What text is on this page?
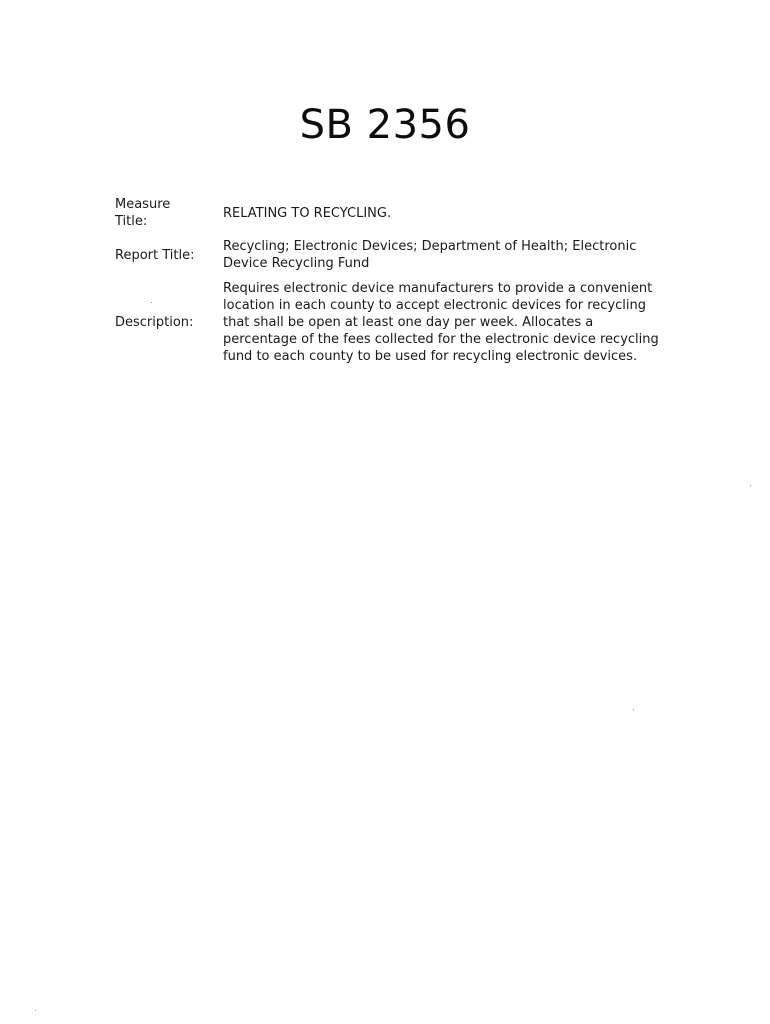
SB 2356
Measure
Title:
RELATING TO RECYCLING.
Report Title:
Recycling; Electronic Devices; Department of Health; Electronic Device Recycling Fund
Description:
Requires electronic device manufacturers to provide a convenient location in each county to accept electronic devices for recycling that shall be open at least one day per week. Allocates a percentage of the fees collected for the electronic device recycling fund to each county to be used for recycling electronic devices.
